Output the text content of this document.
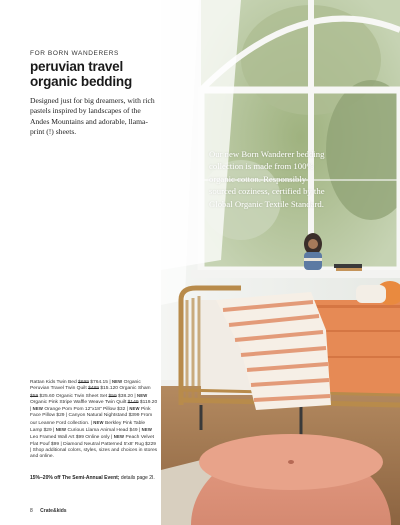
FOR BORN WANDERERS
peruvian travel organic bedding
Designed just for big dreamers, with rich pastels inspired by landscapes of the Andes Mountains and adorable, llama-print (!) sheets.
Rattan Kids Twin Bed $699 $764.15 | NEW Organic Peruvian Travel Twin Quilt $489 $15.120 Organic Sham $59 $25.60 Organic Twin Sheet Set $59 $38.20 | NEW Organic Pink Stripe Waffle Weave Twin Quilt $149 $119.20 | NEW Orange Pom Pom 12"x18" Pillow $32 | NEW Pink Face Pillow $29 | Canyon Natural Nightstand $399 From our Leanne Ford collection. | NEW Berkley Pink Table Lamp $29 | NEW Curious Llama Animal Head $49 | NEW Leo Framed Wall Art $99 Online only | NEW Peach Velvet Flat Pouf $99 | Diamond Neutral Patterned 5'x8' Rug $229 | Shop additional colors, styles, sizes and choices in stores and online.
15%–20% off The Semi-Annual Event; details page 2I.
8 Crate&kids
Our new Born Wanderer bedding collection is made from 100% organic cotton. Responsibly sourced coziness, certified by the Global Organic Textile Standard.
